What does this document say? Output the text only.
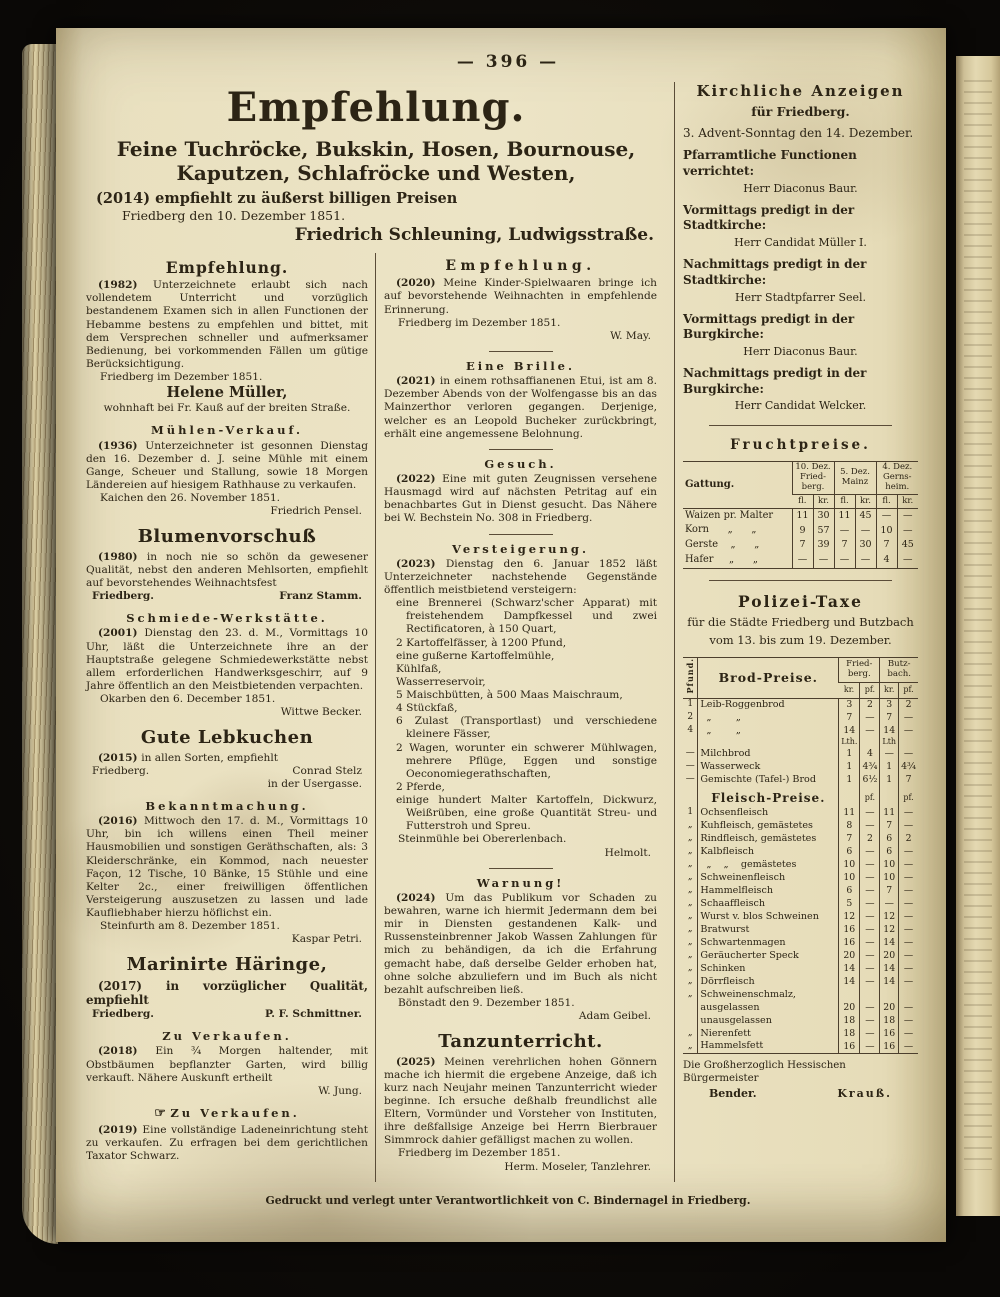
— 396 —
Empfehlung.
Feine Tuchröcke, Bukskin, Hosen, Bournouse,
Kaputzen, Schlafröcke und Westen,
(2014) empfiehlt zu äußerst billigen Preisen
Friedberg den 10. Dezember 1851.
Friedrich Schleuning, Ludwigsstraße.
Empfehlung.

(1982) Unterzeichnete erlaubt sich nach vollendetem Unterricht und vorzüglich bestandenem Examen sich in allen Functionen der Hebamme bestens zu empfehlen und bittet, mit dem Versprechen schneller und aufmerksamer Bedienung, bei vorkommenden Fällen um gütige Berücksichtigung.

Friedberg im Dezember 1851.
Helene Müller,
wohnhaft bei Fr. Kauß auf der breiten Straße.
Mühlen-Verkauf.

(1936) Unterzeichneter ist gesonnen Dienstag den 16. Dezember d. J. seine Mühle mit einem Gange, Scheuer und Stallung, sowie 18 Morgen Ländereien auf hiesigem Rathhause zu verkaufen.

Kaichen den 26. November 1851.
Friedrich Pensel.
Blumenvorschuß

(1980) in noch nie so schön da gewesener Qualität, nebst den anderen Mehlsorten, empfiehlt auf bevorstehendes Weihnachtsfest

Friedberg.	Franz Stamm.
Schmiede-Werkstätte.

(2001) Dienstag den 23. d. M., Vormittags 10 Uhr, läßt die Unterzeichnete ihre an der Hauptstraße gelegene Schmiedewerkstätte nebst allem erforderlichen Handwerksgeschirr, auf 9 Jahre öffentlich an den Meistbietenden verpachten.

Okarben den 6. December 1851.
Wittwe Becker.
Gute Lebkuchen

(2015) in allen Sorten, empfiehlt

Friedberg.	Conrad Stelz
in der Usergasse.
Bekanntmachung.

(2016) Mittwoch den 17. d. M., Vormittags 10 Uhr, bin ich willens einen Theil meiner Hausmobilien und sonstigen Geräthschaften, als: 3 Kleiderschränke, ein Kommod, nach neuester Façon, 12 Tische, 10 Bänke, 15 Stühle und eine Kelter 2c., einer freiwilligen öffentlichen Versteigerung auszusetzen zu lassen und lade Kaufliebhaber hierzu höflichst ein.

Steinfurth am 8. Dezember 1851.
Kaspar Petri.
Marinirte Häringe,

(2017) in vorzüglicher Qualität, empfiehlt

Friedberg.	P. F. Schmittner.
Zu Verkaufen.

(2018) Ein ¾ Morgen haltender, mit Obstbäumen bepflanzter Garten, wird billig verkauft. Nähere Auskunft ertheilt

W. Jung.
☞ Zu Verkaufen.

(2019) Eine vollständige Ladeneinrichtung steht zu verkaufen. Zu erfragen bei dem gerichtlichen Taxator Schwarz.

Empfehlung.

(2020) Meine Kinder-Spielwaaren bringe ich auf bevorstehende Weihnachten in empfehlende Erinnerung.

Friedberg im Dezember 1851.
W. May.
Eine Brille.

(2021) in einem rothsaffianenen Etui, ist am 8. Dezember Abends von der Wolfengasse bis an das Mainzerthor verloren gegangen. Derjenige, welcher es an Leopold Bucheker zurückbringt, erhält eine angemessene Belohnung.

Gesuch.

(2022) Eine mit guten Zeugnissen versehene Hausmagd wird auf nächsten Petritag auf ein benachbartes Gut in Dienst gesucht. Das Nähere bei W. Bechstein No. 308 in Friedberg.

Versteigerung.

(2023) Dienstag den 6. Januar 1852 läßt Unterzeichneter nachstehende Gegenstände öffentlich meistbietend versteigern:

eine Brennerei (Schwarz'scher Apparat) mit freistehendem Dampfkessel und zwei Rectificatoren, à 150 Quart,
2 Kartoffelfässer, à 1200 Pfund,
eine gußerne Kartoffelmühle,
Kühlfaß,
Wasserreservoir,
5 Maischbütten, à 500 Maas Maischraum,
4 Stückfaß,
6 Zulast (Transportlast) und verschiedene kleinere Fässer,
2 Wagen, worunter ein schwerer Mühlwagen, mehrere Pflüge, Eggen und sonstige Oeconomiegerathschaften,
2 Pferde,
einige hundert Malter Kartoffeln, Dickwurz, Weißrüben, eine große Quantität Streu- und Futterstroh und Spreu.
Steinmühle bei Obererlenbach.
Helmolt.
Warnung!

(2024) Um das Publikum vor Schaden zu bewahren, warne ich hiermit Jedermann dem bei mir in Diensten gestandenen Kalk- und Russensteinbrenner Jakob Wassen Zahlungen für mich zu behändigen, da ich die Erfahrung gemacht habe, daß derselbe Gelder erhoben hat, ohne solche abzuliefern und im Buch als nicht bezahlt aufschreiben ließ.

Bönstadt den 9. Dezember 1851.
Adam Geibel.
Tanzunterricht.

(2025) Meinen verehrlichen hohen Gönnern mache ich hiermit die ergebene Anzeige, daß ich kurz nach Neujahr meinen Tanzunterricht wieder beginne. Ich ersuche deßhalb freundlichst alle Eltern, Vormünder und Vorsteher von Instituten, ihre deßfallsige Anzeige bei Herrn Bierbrauer Simmrock dahier gefälligst machen zu wollen.

Friedberg im Dezember 1851.
Herm. Moseler, Tanzlehrer.
Kirchliche Anzeigen
für Friedberg.
3. Advent-Sonntag den 14. Dezember.
Pfarramtliche Functionen verrichtet:
Herr Diaconus Baur.
Vormittags predigt in der Stadtkirche:
Herr Candidat Müller I.
Nachmittags predigt in der Stadtkirche:
Herr Stadtpfarrer Seel.
Vormittags predigt in der Burgkirche:
Herr Diaconus Baur.
Nachmittags predigt in der Burgkirche:
Herr Candidat Welcker.
Fruchtpreise.
Gattung.	10. Dez.
Fried-berg.		5. Dez.
Mainz		4. Dez.
Gerns-heim.	
	fl.	kr.	fl.	kr.	fl.	kr.
Waizen pr. Malter	11	30	11	45	—	—
Korn      „      „	9	57	—	—	10	—
Gerste    „      „	7	39	7	30	7	45
Hafer     „      „	—	—	—	—	4	—
Polizei-Taxe
für die Städte Friedberg und Butzbach
vom 13. bis zum 19. Dezember.
Pfund.	Brod-Preise.	Fried-berg.		Butz-bach.	
		kr.	pf.	kr.	pf.
1	Leib-Roggenbrod	3	2	3	2
2	„        „	7	—	7	—
4	„        „	14	—	14	—
		Lth.		Lth	
—	Milchbrod	1	4	—	—
—	Wasserweck	1	4¾	1	4¾
—	Gemischte (Tafel-) Brod	1	6½	1	7
	Fleisch-Preise.		pf.		pf.
1	Ochsenfleisch	11	—	11	—
„	Kuhfleisch, gemästetes	8	—	7	—
„	Rindfleisch, gemästetes	7	2	6	2
„	Kalbfleisch	6	—	6	—
„	„    „    gemästetes	10	—	10	—
„	Schweinenfleisch	10	—	10	—
„	Hammelfleisch	6	—	7	—
„	Schaaffleisch	5	—	—	—
„	Wurst v. blos Schweinen	12	—	12	—
„	Bratwurst	16	—	12	—
„	Schwartenmagen	16	—	14	—
„	Geräucherter Speck	20	—	20	—
„	Schinken	14	—	14	—
„	Dörrfleisch	14	—	14	—
„	Schweinenschmalz,				
	ausgelassen	20	—	20	—
	unausgelassen	18	—	18	—
„	Nierenfett	18	—	16	—
„	Hammelsfett	16	—	16	—
Die Großherzoglich Hessischen Bürgermeister
Bender.	Krauß.
Gedruckt und verlegt unter Verantwortlichkeit von C. Bindernagel in Friedberg.
